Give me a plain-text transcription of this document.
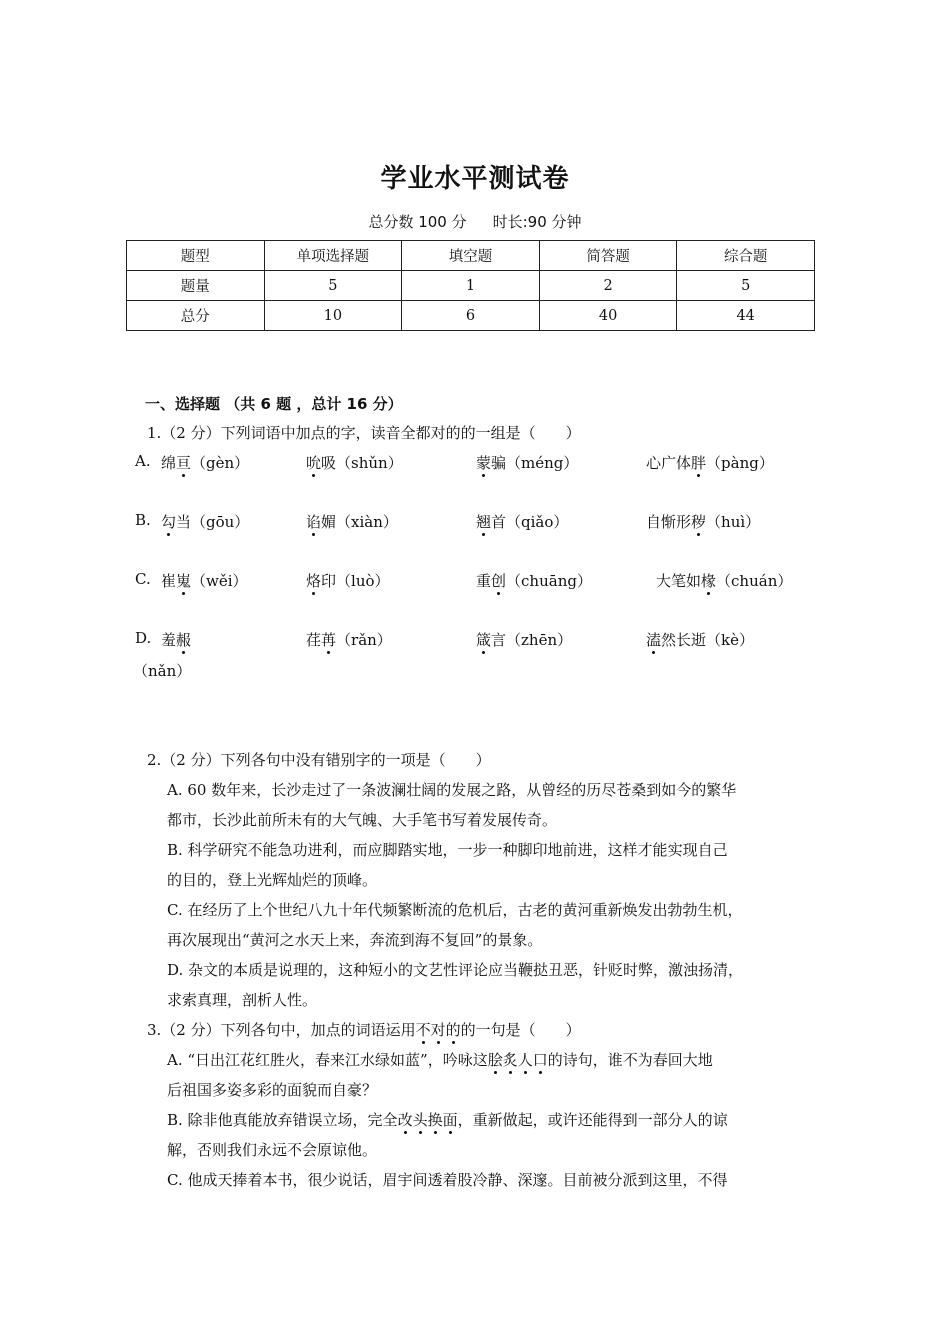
学业水平测试卷
总分数 100 分 时长:90 分钟
题型	单项选择题	填空题	简答题	综合题
题量	5	1	2	5
总分	10	6	40	44
一、选择题 （共 6 题 ，总计 16 分）
1.（2 分）下列词语中加点的字，读音全都对的的一组是（　　）
A. 绵亘（gèn）	吮吸（shǔn）	蒙骗（méng）	心广体胖（pàng）
B. 勾当（gōu）	谄媚（xiàn）	翘首（qiǎo）	自惭形秽（huì）
C. 崔嵬（wěi）	烙印（luò）	重创（chuāng）	大笔如椽（chuán）
D. 羞赧	荏苒（rǎn）	箴言（zhēn）	溘然长逝（kè）
（nǎn）
2.（2 分）下列各句中没有错别字的一项是（　　）
A. 60 数年来，长沙走过了一条波澜壮阔的发展之路，从曾经的历尽苍桑到如今的繁华
都市，长沙此前所未有的大气魄、大手笔书写着发展传奇。
B. 科学研究不能急功进利，而应脚踏实地，一步一种脚印地前进，这样才能实现自己
的目的，登上光辉灿烂的顶峰。
C. 在经历了上个世纪八九十年代频繁断流的危机后，古老的黄河重新焕发出勃勃生机，
再次展现出“黄河之水天上来，奔流到海不复回”的景象。
D. 杂文的本质是说理的，这种短小的文艺性评论应当鞭挞丑恶，针贬时弊，激浊扬清，
求索真理，剖析人性。
3.（2 分）下列各句中，加点的词语运用不对的的一句是（　　）
A. “日出江花红胜火，春来江水绿如蓝”，吟咏这脍炙人口的诗句，谁不为春回大地
后祖国多姿多彩的面貌而自豪？
B. 除非他真能放弃错误立场，完全改头换面，重新做起，或许还能得到一部分人的谅
解，否则我们永远不会原谅他。
C. 他成天捧着本书，很少说话，眉宇间透着股冷静、深邃。目前被分派到这里，不得
